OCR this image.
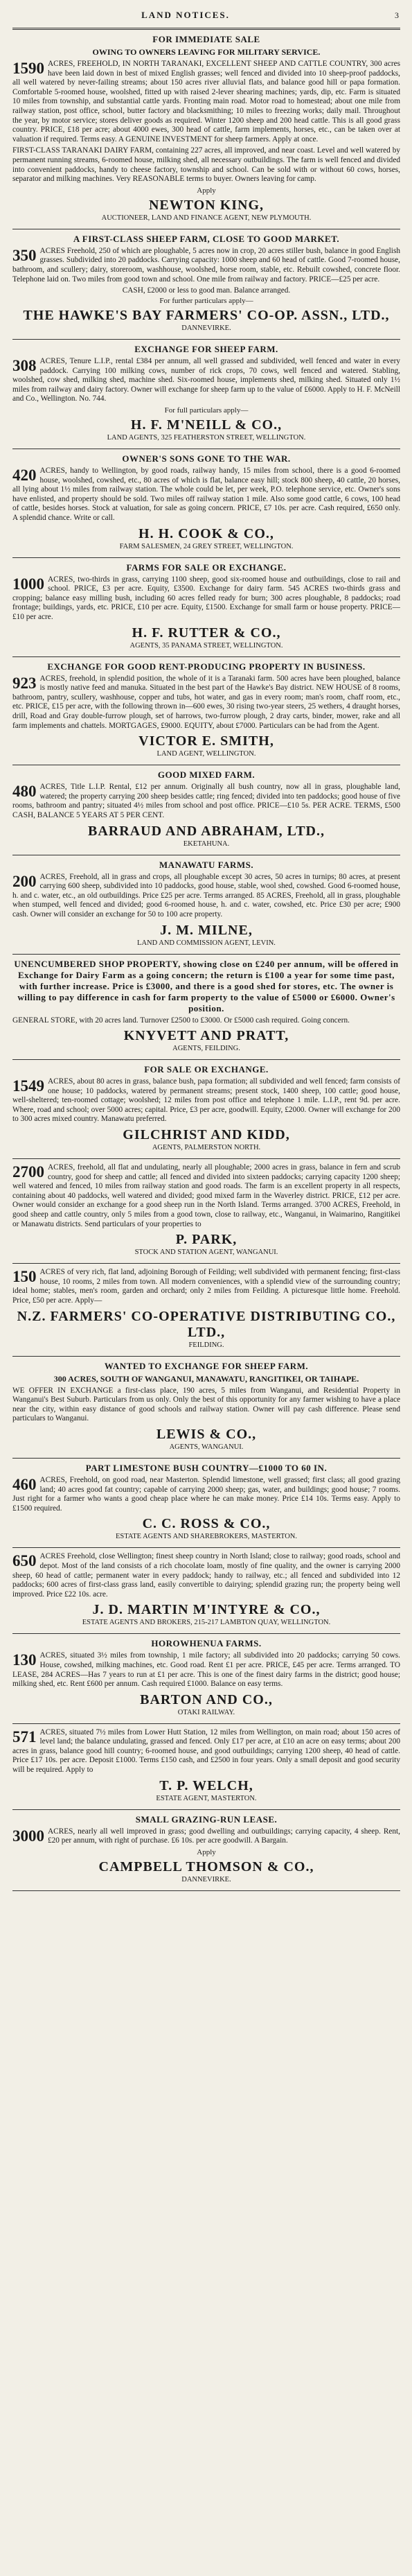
LAND NOTICES.	3
FOR IMMEDIATE SALE
OWING TO OWNERS LEAVING FOR MILITARY SERVICE.

1590 ACRES, FREEHOLD, IN NORTH TARANAKI, EXCELLENT SHEEP AND CATTLE COUNTRY, 300 acres have been laid down in best of mixed English grasses; well fenced and divided into 10 sheep-proof paddocks, all well watered by never-failing streams; about 150 acres river alluvial flats, and balance good hill or papa formation. Comfortable 5-roomed house, woolshed, fitted up with raised 2-lever shearing machines; yards, dip, etc. Farm is situated 10 miles from township, and substantial cattle yards. Fronting main road. Motor road to homestead; about one mile from railway station, post office, school, butter factory and blacksmithing; 10 miles to freezing works; daily mail. Throughout the year, by motor service; stores deliver goods as required. Winter 1200 sheep and 200 head cattle. This is all good grass country. PRICE, £18 per acre; about 4000 ewes, 300 head of cattle, farm implements, horses, etc., can be taken over at valuation if required. Terms easy. A GENUINE INVESTMENT for sheep farmers. Apply at once.

FIRST-CLASS TARANAKI DAIRY FARM, containing 227 acres, all improved, and near coast. Level and well watered by permanent running streams, 6-roomed house, milking shed, all necessary outbuildings. The farm is well fenced and divided into convenient paddocks, handy to cheese factory, township and school. Can be sold with or without 60 cows, horses, separator and milking machines. Very REASONABLE terms to buyer. Owners leaving for camp.

Apply
NEWTON KING,
AUCTIONEER, LAND AND FINANCE AGENT, NEW PLYMOUTH.
A FIRST-CLASS SHEEP FARM, CLOSE TO GOOD MARKET.

350 ACRES Freehold, 250 of which are ploughable, 5 acres now in crop, 20 acres stiller bush, balance in good English grasses. Subdivided into 20 paddocks. Carrying capacity: 1000 sheep and 60 head of cattle. Good 7-roomed house, bathroom, and scullery; dairy, storeroom, washhouse, woolshed, horse room, stable, etc. Rebuilt cowshed, concrete floor. Telephone laid on. Two miles from good town and school. One mile from railway and factory. PRICE—£25 per acre.

CASH, £2000 or less to good man. Balance arranged.
For further particulars apply—
THE HAWKE'S BAY FARMERS' CO-OP. ASSN., LTD.,
DANNEVIRKE.
EXCHANGE FOR SHEEP FARM.

308 ACRES, Tenure L.I.P., rental £384 per annum, all well grassed and subdivided, well fenced and water in every paddock. Carrying 100 milking cows, number of rick crops, 70 cows, well fenced and watered. Stabling, woolshed, cow shed, milking shed, machine shed. Six-roomed house, implements shed, milking shed. Situated only 1½ miles from railway and dairy factory. Owner will exchange for sheep farm up to the value of £6000. Apply to H. F. McNeill and Co., Wellington. No. 744.

For full particulars apply—
H. F. M'NEILL & CO.,
LAND AGENTS, 325 FEATHERSTON STREET, WELLINGTON.
OWNER'S SONS GONE TO THE WAR.

420 ACRES, handy to Wellington, by good roads, railway handy, 15 miles from school, there is a good 6-roomed house, woolshed, cowshed, etc., 80 acres of which is flat, balance easy hill; stock 800 sheep, 40 cattle, 20 horses, all lying about 1½ miles from railway station. The whole could be let, per week, P.O. telephone service, etc. Owner's sons have enlisted, and property should be sold. Two miles off railway station 1 mile. Also some good cattle, 6 cows, 100 head of cattle, besides horses. Stock at valuation, for sale as going concern. PRICE, £7 10s. per acre. Cash required, £650 only. A splendid chance. Write or call.

H. H. COOK & CO.,
FARM SALESMEN, 24 GREY STREET, WELLINGTON.
FARMS FOR SALE OR EXCHANGE.

1000 ACRES, two-thirds in grass, carrying 1100 sheep, good six-roomed house and outbuildings, close to rail and school. PRICE, £3 per acre. Equity, £3500. Exchange for dairy farm. 545 ACRES two-thirds grass and cropping; balance easy milling bush, including 60 acres felled ready for burn; 300 acres ploughable, 8 paddocks; road frontage; buildings, yards, etc. PRICE, £10 per acre. Equity, £1500. Exchange for small farm or house property. PRICE—£10 per acre.

H. F. RUTTER & CO.,
AGENTS, 35 PANAMA STREET, WELLINGTON.
EXCHANGE FOR GOOD RENT-PRODUCING PROPERTY IN BUSINESS.

923 ACRES, freehold, in splendid position, the whole of it is a Taranaki farm. 500 acres have been ploughed, balance is mostly native feed and manuka. Situated in the best part of the Hawke's Bay district. NEW HOUSE of 8 rooms, bathroom, pantry, scullery, washhouse, copper and tubs, hot water, and gas in every room; man's room, chaff room, etc., etc. PRICE, £15 per acre, with the following thrown in—600 ewes, 30 rising two-year steers, 25 wethers, 4 draught horses, drill, Road and Gray double-furrow plough, set of harrows, two-furrow plough, 2 dray carts, binder, mower, rake and all farm implements and chattels. MORTGAGES, £9000. EQUITY, about £7000. Particulars can be had from the Agent.

VICTOR E. SMITH,
LAND AGENT, WELLINGTON.
GOOD MIXED FARM.

480 ACRES, Title L.I.P. Rental, £12 per annum. Originally all bush country, now all in grass, ploughable land, watered; the property carrying 200 sheep besides cattle; ring fenced; divided into ten paddocks; good house of five rooms, bathroom and pantry; situated 4½ miles from school and post office. PRICE—£10 5s. PER ACRE. TERMS, £500 CASH, BALANCE 5 YEARS AT 5 PER CENT.

BARRAUD AND ABRAHAM, LTD.,
EKETAHUNA.
MANAWATU FARMS.

200 ACRES, Freehold, all in grass and crops, all ploughable except 30 acres, 50 acres in turnips; 80 acres, at present carrying 600 sheep, subdivided into 10 paddocks, good house, stable, wool shed, cowshed. Good 6-roomed house, h. and c. water, etc., an old outbuildings. Price £25 per acre. Terms arranged. 85 ACRES, Freehold, all in grass, ploughable when stumped, well fenced and divided; good 6-roomed house, h. and c. water, cowshed, etc. Price £30 per acre; £900 cash. Owner will consider an exchange for 50 to 100 acre property.

J. M. MILNE,
LAND AND COMMISSION AGENT, LEVIN.
UNENCUMBERED SHOP PROPERTY, showing close on £240 per annum, will be offered in Exchange for Dairy Farm as a going concern; the return is £100 a year for some time past, with further increase. Price is £3000, and there is a good shed for stores, etc. The owner is willing to pay difference in cash for farm property to the value of £5000 or £6000. Owner's position.

GENERAL STORE, with 20 acres land. Turnover £2500 to £3000. Or £5000 cash required. Going concern.

KNYVETT AND PRATT,
AGENTS, FEILDING.
FOR SALE OR EXCHANGE.

1549 ACRES, about 80 acres in grass, balance bush, papa formation; all subdivided and well fenced; farm consists of one house; 10 paddocks, watered by permanent streams; present stock, 1400 sheep, 100 cattle; good house, well-sheltered; ten-roomed cottage; woolshed; 12 miles from post office and telephone 1 mile. L.I.P., rent 9d. per acre. Where, road and school; over 5000 acres; capital. Price, £3 per acre, goodwill. Equity, £2000. Owner will exchange for 200 to 300 acres mixed country. Manawatu preferred.

GILCHRIST AND KIDD,
AGENTS, PALMERSTON NORTH.

2700 ACRES, freehold, all flat and undulating, nearly all ploughable; 2000 acres in grass, balance in fern and scrub country, good for sheep and cattle; all fenced and divided into sixteen paddocks; carrying capacity 1200 sheep; well watered and fenced, 10 miles from railway station and good roads. The farm is an excellent property in all respects, containing about 40 paddocks, well watered and divided; good mixed farm in the Waverley district. PRICE, £12 per acre. Owner would consider an exchange for a good sheep run in the North Island. Terms arranged. 3700 ACRES, Freehold, in good sheep and cattle country, only 5 miles from a good town, close to railway, etc., Wanganui, in Waimarino, Rangitikei or Manawatu districts. Send particulars of your properties to

P. PARK,
STOCK AND STATION AGENT, WANGANUI.

150 ACRES of very rich, flat land, adjoining Borough of Feilding; well subdivided with permanent fencing; first-class house, 10 rooms, 2 miles from town. All modern conveniences, with a splendid view of the surrounding country; ideal home; stables, men's room, garden and orchard; only 2 miles from Feilding. A picturesque little home. Freehold. Price, £50 per acre. Apply—

N.Z. FARMERS' CO-OPERATIVE DISTRIBUTING CO., LTD.,
FEILDING.
WANTED TO EXCHANGE FOR SHEEP FARM.
300 ACRES, SOUTH OF WANGANUI, MANAWATU, RANGITIKEI, OR TAIHAPE.

WE OFFER IN EXCHANGE a first-class place, 190 acres, 5 miles from Wanganui, and Residential Property in Wanganui's Best Suburb. Particulars from us only. Only the best of this opportunity for any farmer wishing to have a place near the city, within easy distance of good schools and railway station. Owner will pay cash difference. Please send particulars to Wanganui.

LEWIS & CO.,
AGENTS, WANGANUI.
PART LIMESTONE BUSH COUNTRY—£1000 TO 60 IN.

460 ACRES, Freehold, on good road, near Masterton. Splendid limestone, well grassed; first class; all good grazing land; 40 acres good fat country; capable of carrying 2000 sheep; gas, water, and buildings; good house; 7 rooms. Just right for a farmer who wants a good cheap place where he can make money. Price £14 10s. Terms easy. Apply to £1500 required.

C. C. ROSS & CO.,
ESTATE AGENTS AND SHAREBROKERS, MASTERTON.

650 ACRES Freehold, close Wellington; finest sheep country in North Island; close to railway; good roads, school and depot. Most of the land consists of a rich chocolate loam, mostly of fine quality, and the owner is carrying 2000 sheep, 60 head of cattle; permanent water in every paddock; handy to railway, etc.; all fenced and subdivided into 12 paddocks; 600 acres of first-class grass land, easily convertible to dairying; splendid grazing run; the property being well improved. Price £22 10s. acre.

J. D. MARTIN M'INTYRE & CO.,
ESTATE AGENTS AND BROKERS, 215-217 LAMBTON QUAY, WELLINGTON.
HOROWHENUA FARMS.

130 ACRES, situated 3½ miles from township, 1 mile factory; all subdivided into 20 paddocks; carrying 50 cows. House, cowshed, milking machines, etc. Good road. Rent £1 per acre. PRICE, £45 per acre. Terms arranged. TO LEASE, 284 ACRES—Has 7 years to run at £1 per acre. This is one of the finest dairy farms in the district; good house; milking shed, etc. Rent £600 per annum. Cash required £1000. Balance on easy terms.

BARTON AND CO.,
OTAKI RAILWAY.

571 ACRES, situated 7½ miles from Lower Hutt Station, 12 miles from Wellington, on main road; about 150 acres of level land; the balance undulating, grassed and fenced. Only £17 per acre, at £10 an acre on easy terms; about 200 acres in grass, balance good hill country; 6-roomed house, and good outbuildings; carrying 1200 sheep, 40 head of cattle. Price £17 10s. per acre. Deposit £1000. Terms £150 cash, and £2500 in four years. Only a small deposit and good security will be required. Apply to

T. P. WELCH,
ESTATE AGENT, MASTERTON.
SMALL GRAZING-RUN LEASE.

3000 ACRES, nearly all well improved in grass; good dwelling and outbuildings; carrying capacity, 4 sheep. Rent, £20 per annum, with right of purchase. £6 10s. per acre goodwill. A Bargain.

Apply
CAMPBELL THOMSON & CO.,
DANNEVIRKE.
